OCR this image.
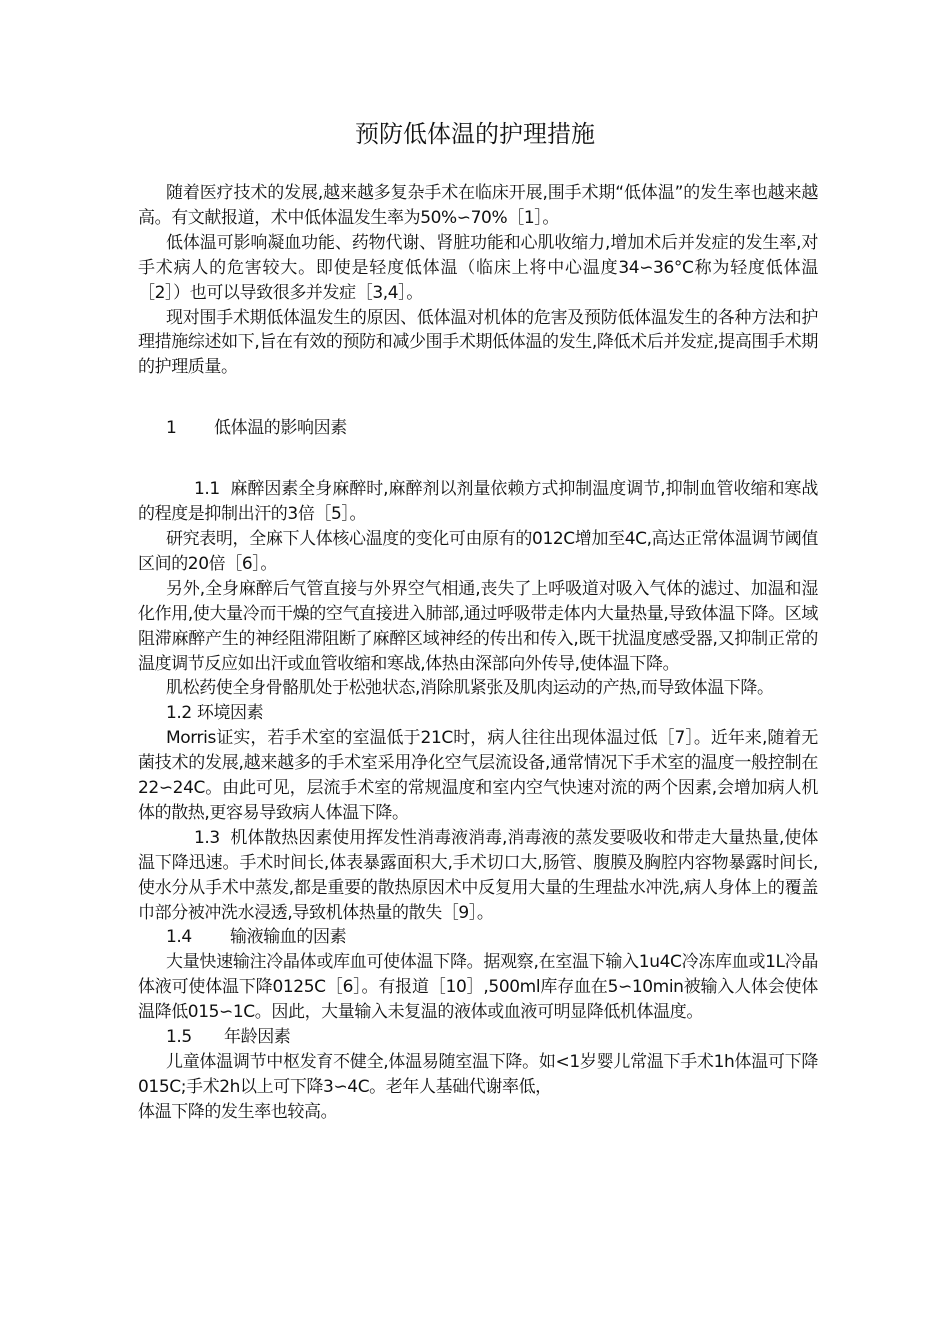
预防低体温的护理措施

随着医疗技术的发展,越来越多复杂手术在临床开展,围手术期“低体温”的发生率也越来越高。有文献报道，术中低体温发生率为50%∽70%［1］。

低体温可影响凝血功能、药物代谢、肾脏功能和心肌收缩力,增加术后并发症的发生率,对手术病人的危害较大。即使是轻度低体温（临床上将中心温度34∽36°C称为轻度低体温［2］）也可以导致很多并发症［3,4］。

现对围手术期低体温发生的原因、低体温对机体的危害及预防低体温发生的各种方法和护理措施综述如下,旨在有效的预防和减少围手术期低体温的发生,降低术后并发症,提高围手术期的护理质量。

1 低体温的影响因素

1.1 麻醉因素全身麻醉时,麻醉剂以剂量依赖方式抑制温度调节,抑制血管收缩和寒战的程度是抑制出汗的3倍［5］。

研究表明，全麻下人体核心温度的变化可由原有的012C增加至4C,高达正常体温调节阈值区间的20倍［6］。

另外,全身麻醉后气管直接与外界空气相通,丧失了上呼吸道对吸入气体的滤过、加温和湿化作用,使大量冷而干燥的空气直接进入肺部,通过呼吸带走体内大量热量,导致体温下降。区域阻滞麻醉产生的神经阻滞阻断了麻醉区域神经的传出和传入,既干扰温度感受器,又抑制正常的温度调节反应如出汗或血管收缩和寒战,体热由深部向外传导,使体温下降。

肌松药使全身骨骼肌处于松弛状态,消除肌紧张及肌肉运动的产热,而导致体温下降。

1.2 环境因素

Morris证实，若手术室的室温低于21C时，病人往往出现体温过低［7］。近年来,随着无菌技术的发展,越来越多的手术室采用净化空气层流设备,通常情况下手术室的温度一般控制在22∽24C。由此可见，层流手术室的常规温度和室内空气快速对流的两个因素,会增加病人机体的散热,更容易导致病人体温下降。

1.3 机体散热因素使用挥发性消毒液消毒,消毒液的蒸发要吸收和带走大量热量,使体温下降迅速。手术时间长,体表暴露面积大,手术切口大,肠管、腹膜及胸腔内容物暴露时间长,使水分从手术中蒸发,都是重要的散热原因术中反复用大量的生理盐水冲洗,病人身体上的覆盖巾部分被冲洗水浸透,导致机体热量的散失［9］。

1.4 输液输血的因素

大量快速输注冷晶体或库血可使体温下降。据观察,在室温下输入1u4C冷冻库血或1L冷晶体液可使体温下降0125C［6］。有报道［10］,500ml库存血在5∽10min被输入人体会使体温降低015∽1C。因此，大量输入未复温的液体或血液可明显降低机体温度。

1.5 年龄因素

儿童体温调节中枢发育不健全,体温易随室温下降。如<1岁婴儿常温下手术1h体温可下降015C;手术2h以上可下降3∽4C。老年人基础代谢率低，

体温下降的发生率也较高。
